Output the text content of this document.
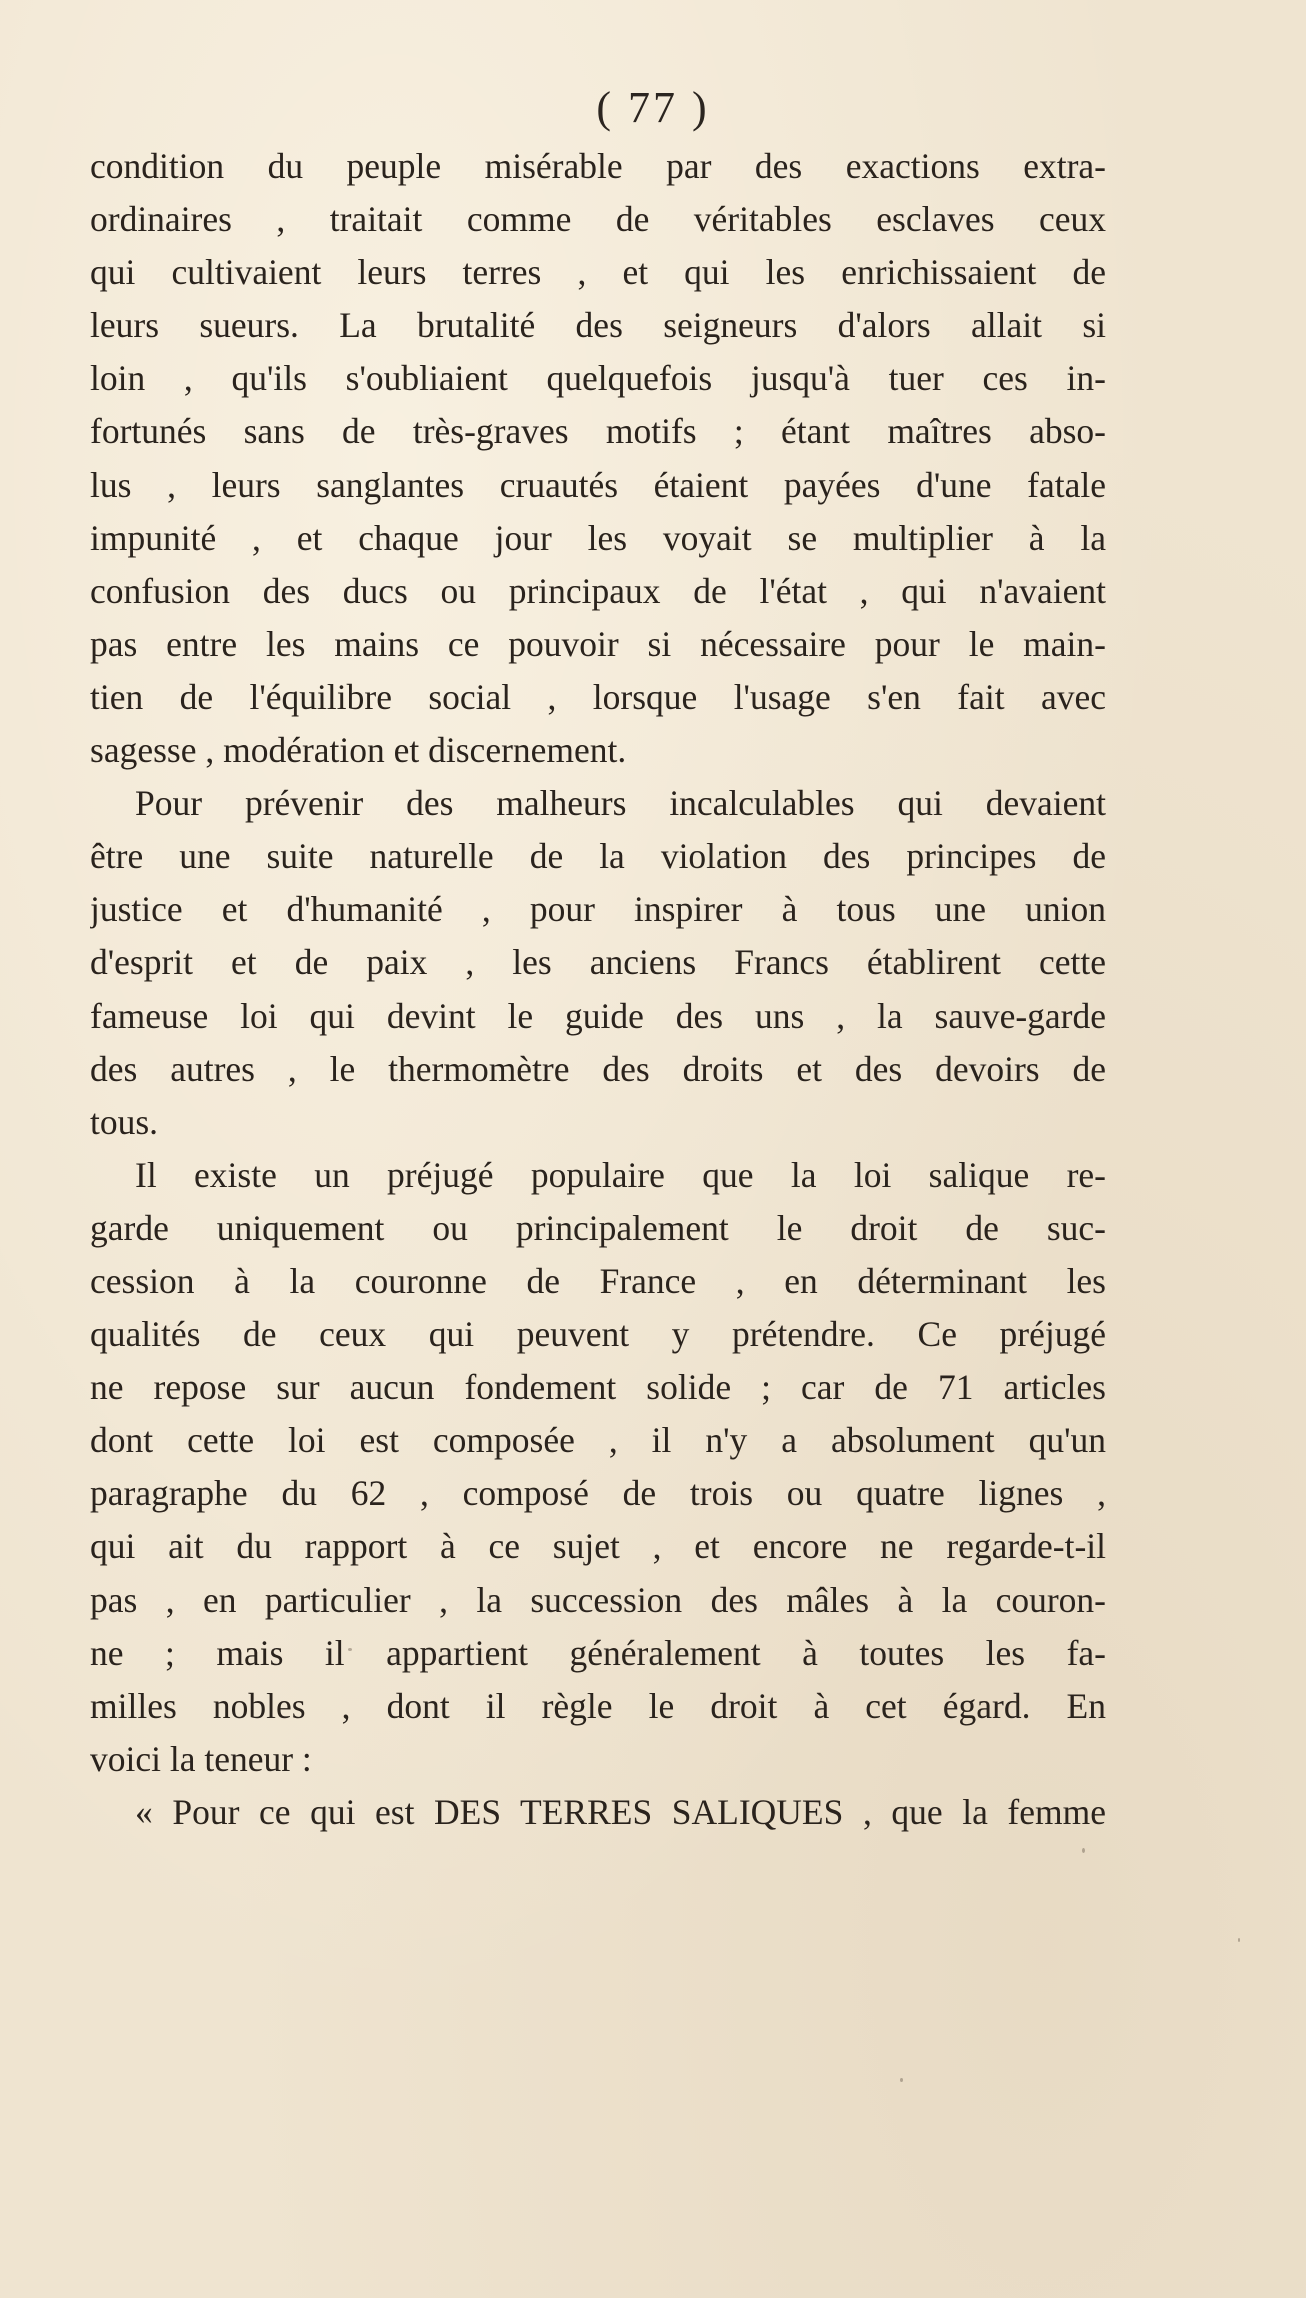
( 77 )
condition du peuple misérable par des exactions extra-
ordinaires , traitait comme de véritables esclaves ceux
qui cultivaient leurs terres , et qui les enrichissaient de
leurs sueurs. La brutalité des seigneurs d'alors allait si
loin , qu'ils s'oubliaient quelquefois jusqu'à tuer ces in-
fortunés sans de très-graves motifs ; étant maîtres abso-
lus , leurs sanglantes cruautés étaient payées d'une fatale
impunité , et chaque jour les voyait se multiplier à la
confusion des ducs ou principaux de l'état , qui n'avaient
pas entre les mains ce pouvoir si nécessaire pour le main-
tien de l'équilibre social , lorsque l'usage s'en fait avec
sagesse , modération et discernement.
Pour prévenir des malheurs incalculables qui devaient
être une suite naturelle de la violation des principes de
justice et d'humanité , pour inspirer à tous une union
d'esprit et de paix , les anciens Francs établirent cette
fameuse loi qui devint le guide des uns , la sauve-garde
des autres , le thermomètre des droits et des devoirs de
tous.
Il existe un préjugé populaire que la loi salique re-
garde uniquement ou principalement le droit de suc-
cession à la couronne de France , en déterminant les
qualités de ceux qui peuvent y prétendre. Ce préjugé
ne repose sur aucun fondement solide ; car de 71 articles
dont cette loi est composée , il n'y a absolument qu'un
paragraphe du 62 , composé de trois ou quatre lignes ,
qui ait du rapport à ce sujet , et encore ne regarde-t-il
pas , en particulier , la succession des mâles à la couron-
ne ; mais il appartient généralement à toutes les fa-
milles nobles , dont il règle le droit à cet égard. En
voici la teneur :
« Pour ce qui est DES TERRES SALIQUES , que la femme
